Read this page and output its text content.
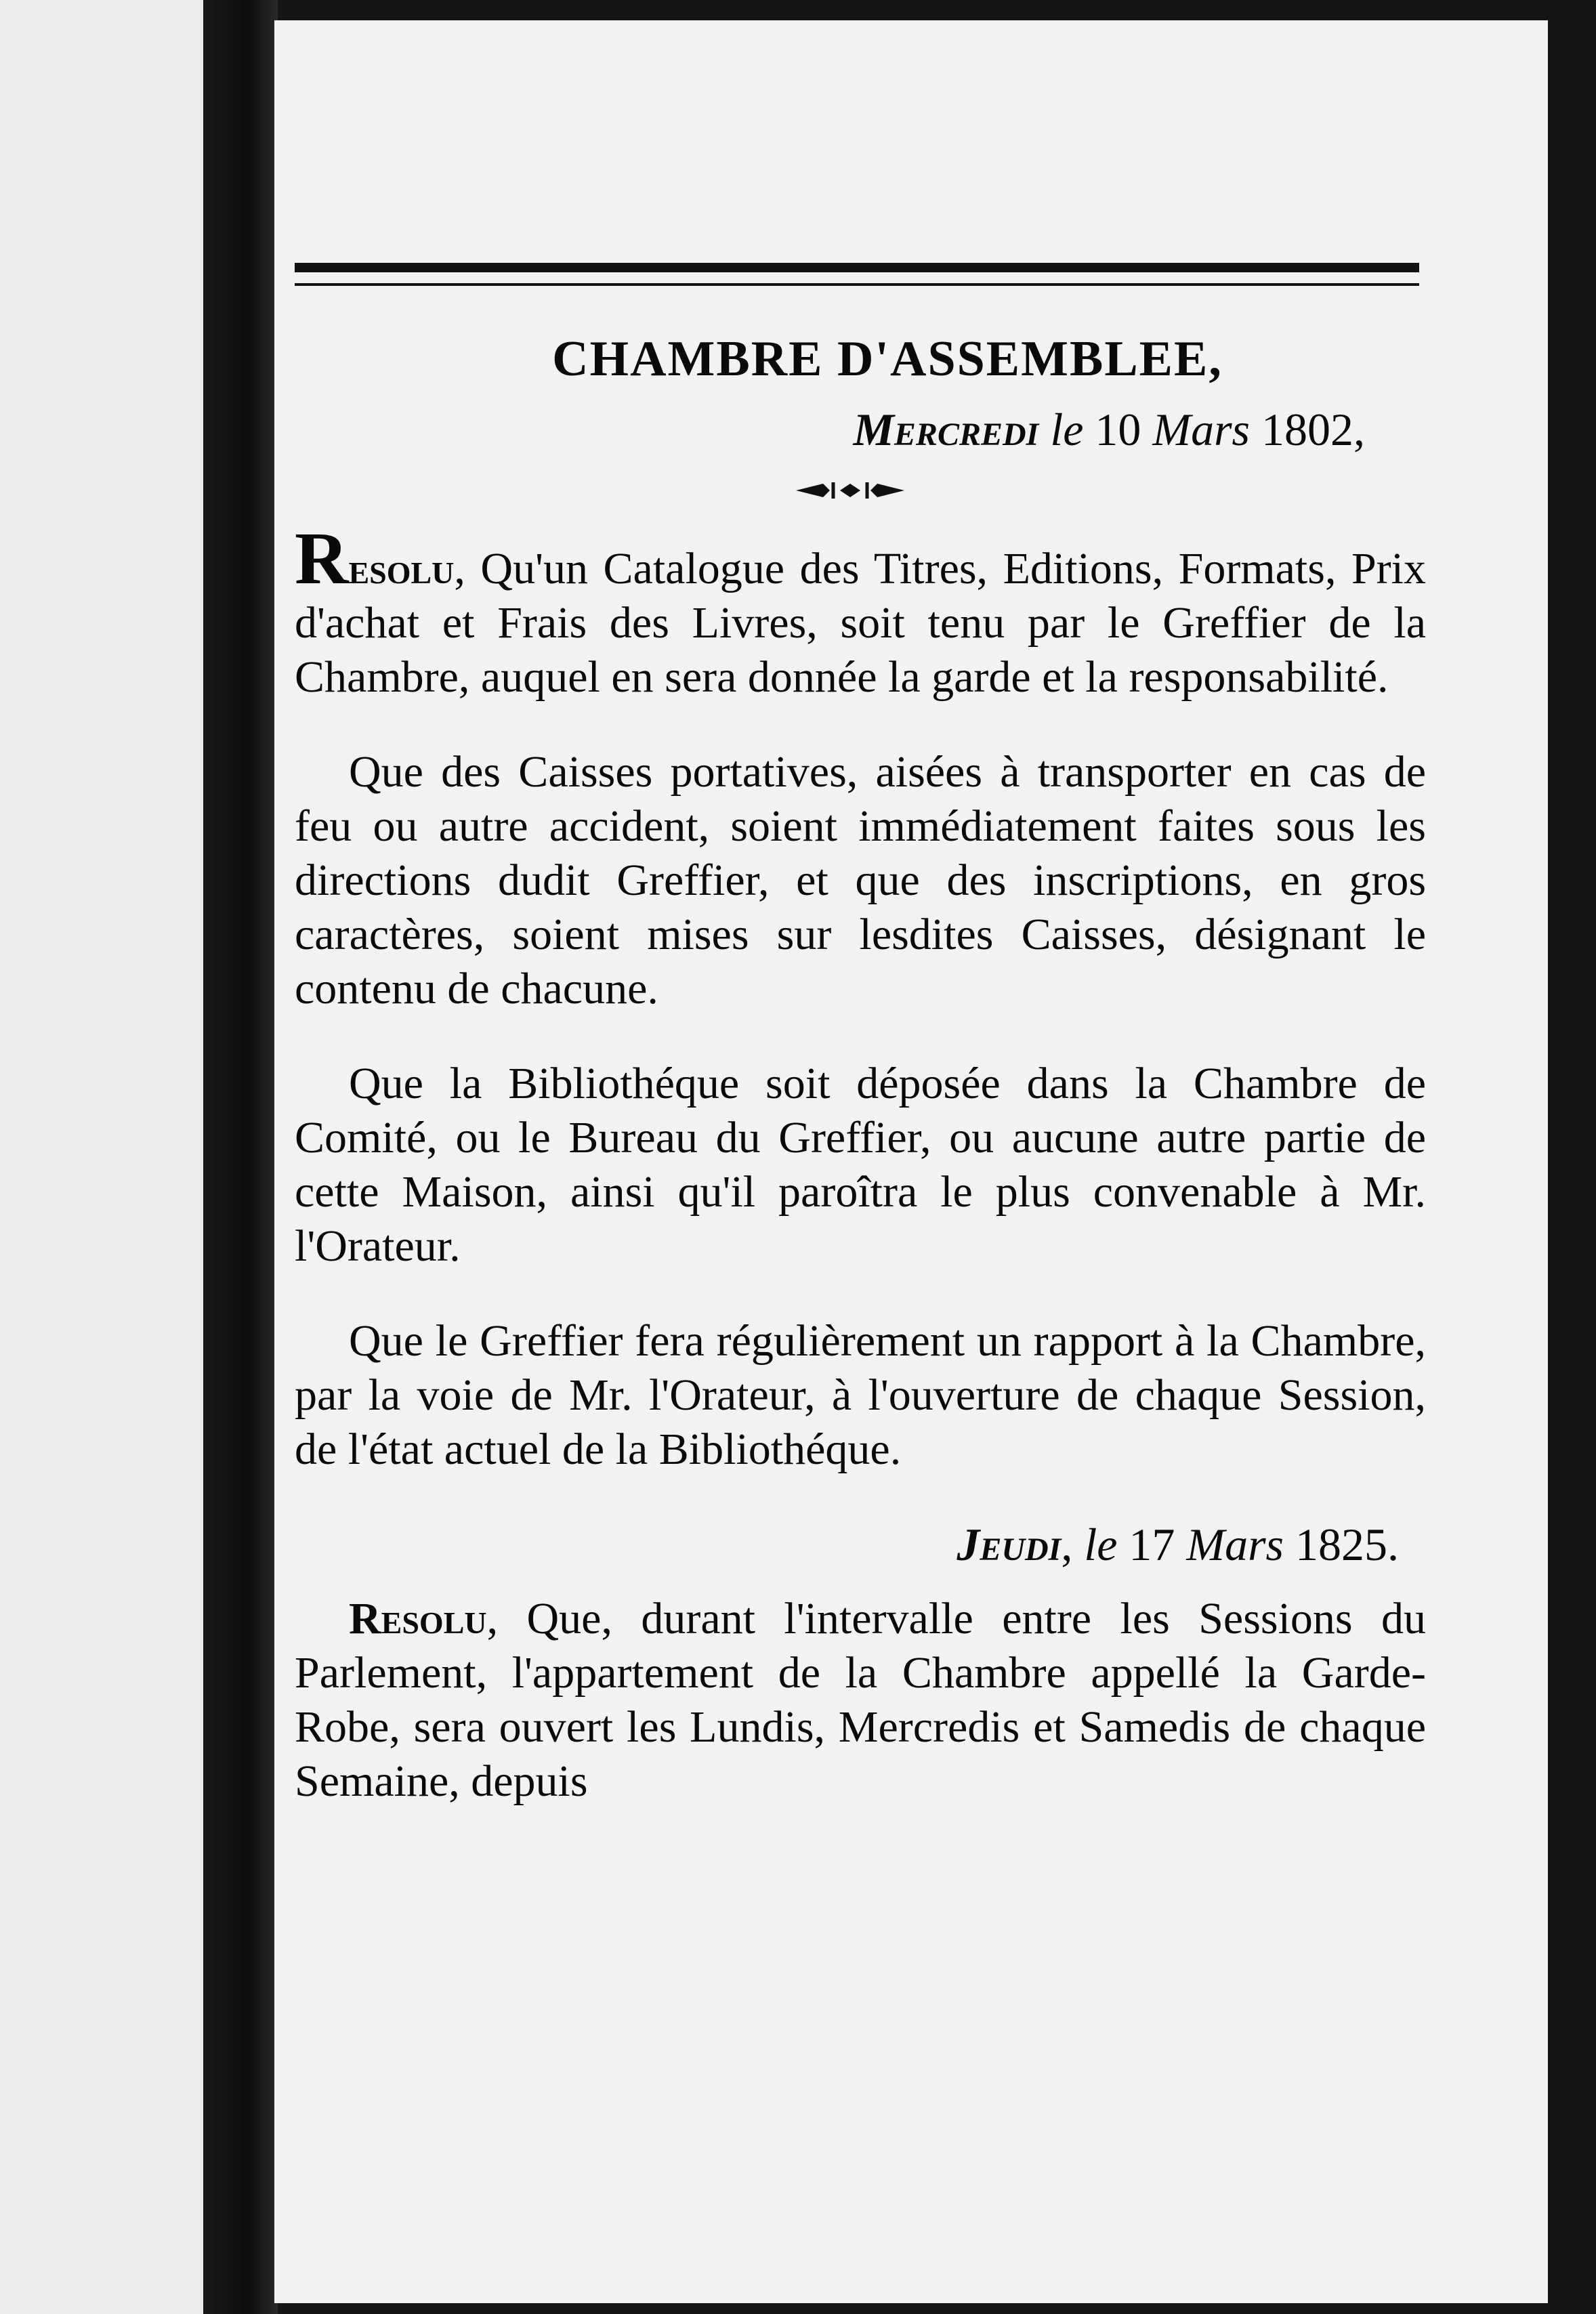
CHAMBRE D'ASSEMBLEE,
Mercredi le 10 Mars 1802,

Resolu, Qu'un Catalogue des Titres, Editions, Formats, Prix d'achat et Frais des Livres, soit tenu par le Greffier de la Chambre, auquel en sera donnée la garde et la responsabilité.

Que des Caisses portatives, aisées à transporter en cas de feu ou autre accident, soient immédiatement faites sous les directions dudit Greffier, et que des inscriptions, en gros caractères, soient mises sur lesdites Caisses, désignant le contenu de chacune.

Que la Bibliothéque soit déposée dans la Chambre de Comité, ou le Bureau du Greffier, ou aucune autre partie de cette Maison, ainsi qu'il paroîtra le plus convenable à Mr. l'Orateur.

Que le Greffier fera régulièrement un rapport à la Chambre, par la voie de Mr. l'Orateur, à l'ouverture de chaque Session, de l'état actuel de la Bibliothéque.

Jeudi, le 17 Mars 1825.

Resolu, Que, durant l'intervalle entre les Sessions du Parlement, l'appartement de la Chambre appellé la Garde-Robe, sera ouvert les Lundis, Mercredis et Samedis de chaque Semaine, depuis
